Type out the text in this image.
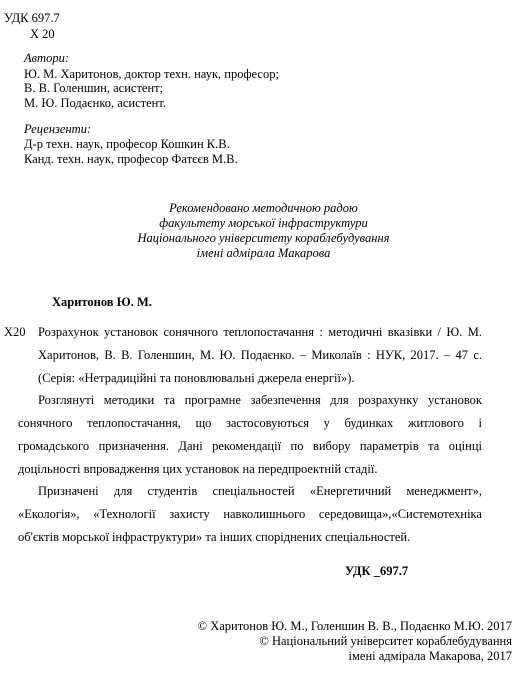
УДК 697.7
Х 20
Автори:
Ю. М. Харитонов, доктор техн. наук, професор;
В. В. Голеншин, асистент;
М. Ю. Подаєнко, асистент.
Рецензенти:
Д-р техн. наук, професор Кошкин К.В.
Канд. техн. наук, професор Фатєєв М.В.
Рекомендовано методичною радою
факультету морської інфраструктури
Національного університету кораблебудування
імені адмірала Макарова
Харитонов Ю. М.
Х20 Розрахунок установок сонячного теплопостачання : методичні вказівки / Ю. М.
Харитонов, В. В. Голеншин, М. Ю. Подаєнко. – Миколаїв : НУК, 2017. – 47 с.
(Серія: «Нетрадиційні та поновлювальні джерела енергії»).
Розглянуті методики та програмне забезпечення для розрахунку установок
сонячного теплопостачання, що застосовуються у будинках житлового і
громадського призначення. Дані рекомендації по вибору параметрів та оцінці
доцільності впровадження цих установок на передпроектній стадії.
Призначені для студентів спеціальностей «Енергетичний менеджмент»,
«Екологія», «Технології захисту навколишнього середовища»,«Системотехніка
об'єктів морської інфраструктури» та інших споріднених спеціальностей.
УДК _697.7
© Харитонов Ю. М., Голеншин В. В., Подаєнко М.Ю. 2017
© Національний університет кораблебудування
імені адмірала Макарова, 2017
